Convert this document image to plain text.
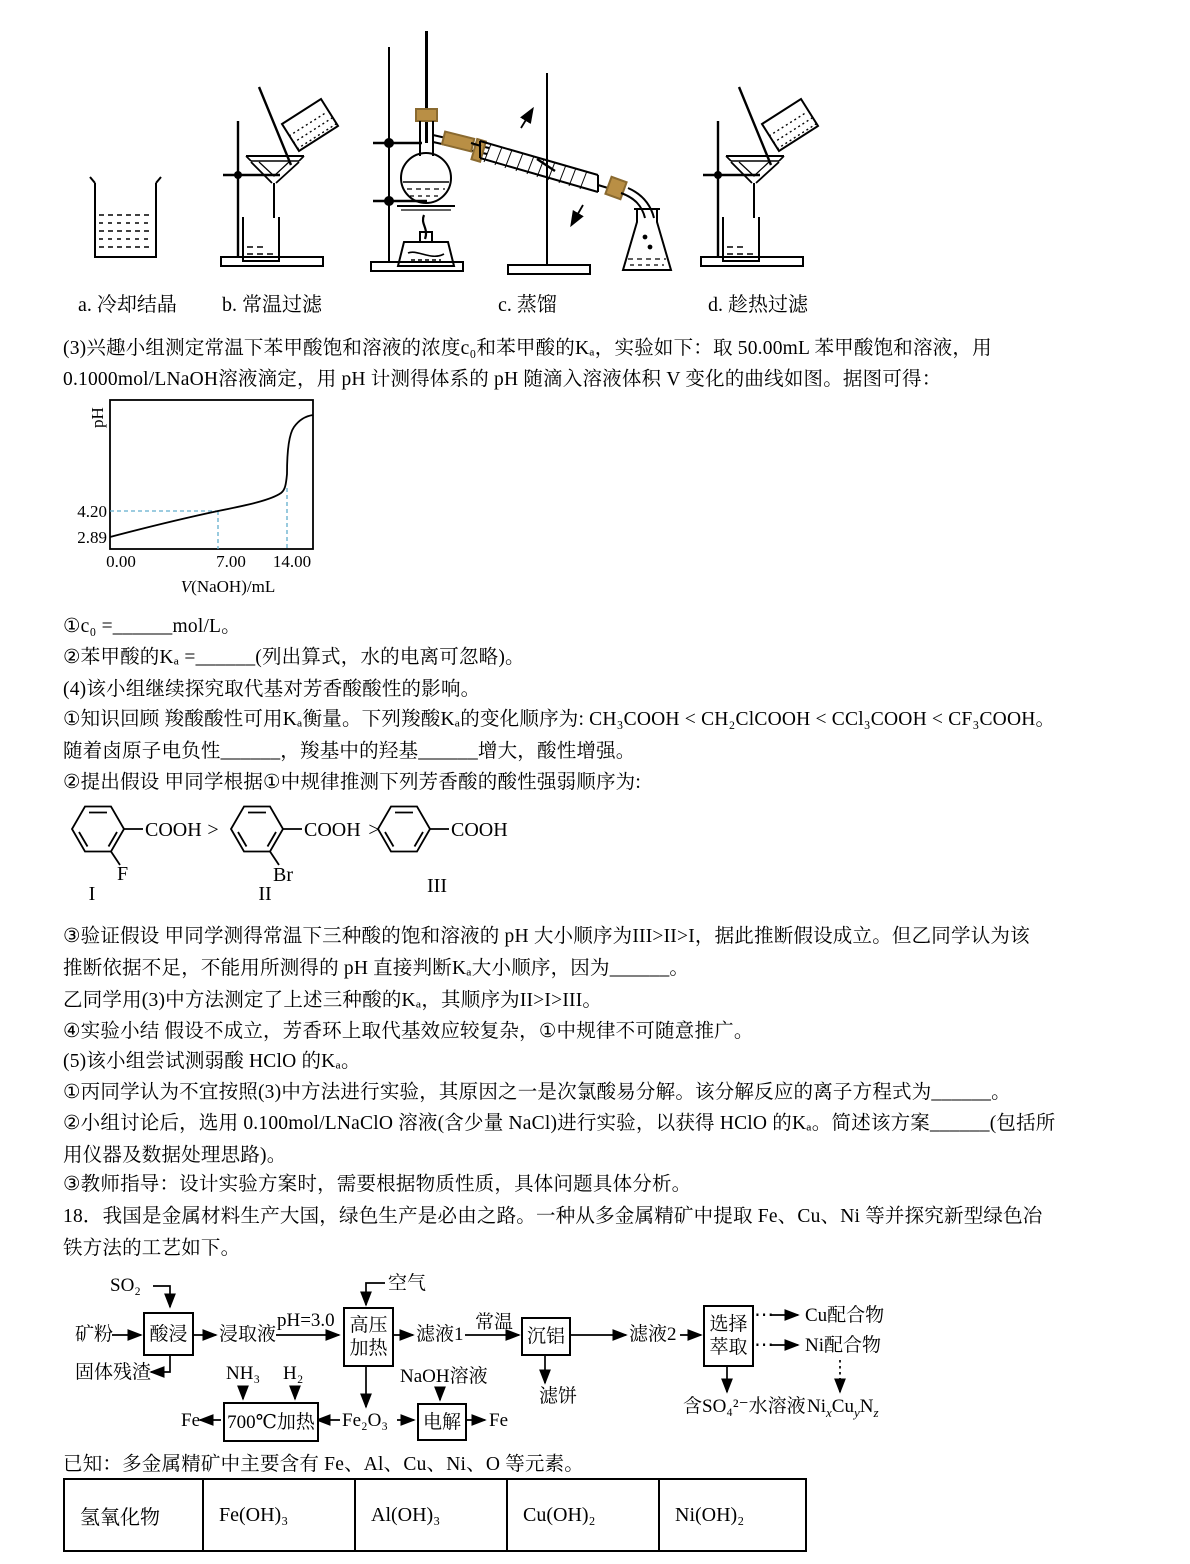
a. 冷却结晶 b. 常温过滤	c. 蒸馏	d. 趁热过滤
(3)兴趣小组测定常温下苯甲酸饱和溶液的浓度c₀和苯甲酸的Kₐ，实验如下：取 50.00mL 苯甲酸饱和溶液，用
0.1000mol/LNaOH溶液滴定，用 pH 计测得体系的 pH 随滴入溶液体积 V 变化的曲线如图。据图可得：
pH
4.20
2.89
0.00	7.00 14.00
V(NaOH)/mL
①c₀ =______mol/L。
②苯甲酸的Kₐ =______(列出算式，水的电离可忽略)。
(4)该小组继续探究取代基对芳香酸酸性的影响。
①知识回顾 羧酸酸性可用Kₐ衡量。下列羧酸Kₐ的变化顺序为: CH₃COOH < CH₂ClCOOH < CCl₃COOH < CF₃COOH。
随着卤原子电负性______，羧基中的羟基______增大，酸性增强。
②提出假设 甲同学根据①中规律推测下列芳香酸的酸性强弱顺序为:
COOH >	COOH >	COOH
F	Br
I	II	III
③验证假设 甲同学测得常温下三种酸的饱和溶液的 pH 大小顺序为III>II>I，据此推断假设成立。但乙同学认为该
推断依据不足，不能用所测得的 pH 直接判断Kₐ大小顺序，因为______。
乙同学用(3)中方法测定了上述三种酸的Kₐ，其顺序为II>I>III。
④实验小结 假设不成立，芳香环上取代基效应较复杂，①中规律不可随意推广。
(5)该小组尝试测弱酸 HClO 的Kₐ。
①丙同学认为不宜按照(3)中方法进行实验，其原因之一是次氯酸易分解。该分解反应的离子方程式为______。
②小组讨论后，选用 0.100mol/LNaClO 溶液(含少量 NaCl)进行实验，以获得 HClO 的Kₐ。简述该方案______(包括所
用仪器及数据处理思路)。
③教师指导：设计实验方案时，需要根据物质性质，具体问题具体分析。
18．我国是金属材料生产大国，绿色生产是必由之路。一种从多金属精矿中提取 Fe、Cu、Ni 等并探究新型绿色冶
铁方法的工艺如下。
酸浸	高压
加热
沉铝
选择
萃取
700℃加热	电解
SO₂
矿粉	浸取液
pH=3.0
空气
滤液1
常温
滤液2
⋯
⋯
Cu配合物
Ni配合物
固体残渣	NH₃ H₂	NaOH溶液
滤饼
Fe	Fe₂O₃	Fe
含SO₄²⁻水溶液 $Ni_xCu_yN_z$
已知：多金属精矿中主要含有 Fe、Al、Cu、Ni、O 等元素。
氢氧化物	Fe(OH)₃	Al(OH)₃	Cu(OH)₂	Ni(OH)₂
